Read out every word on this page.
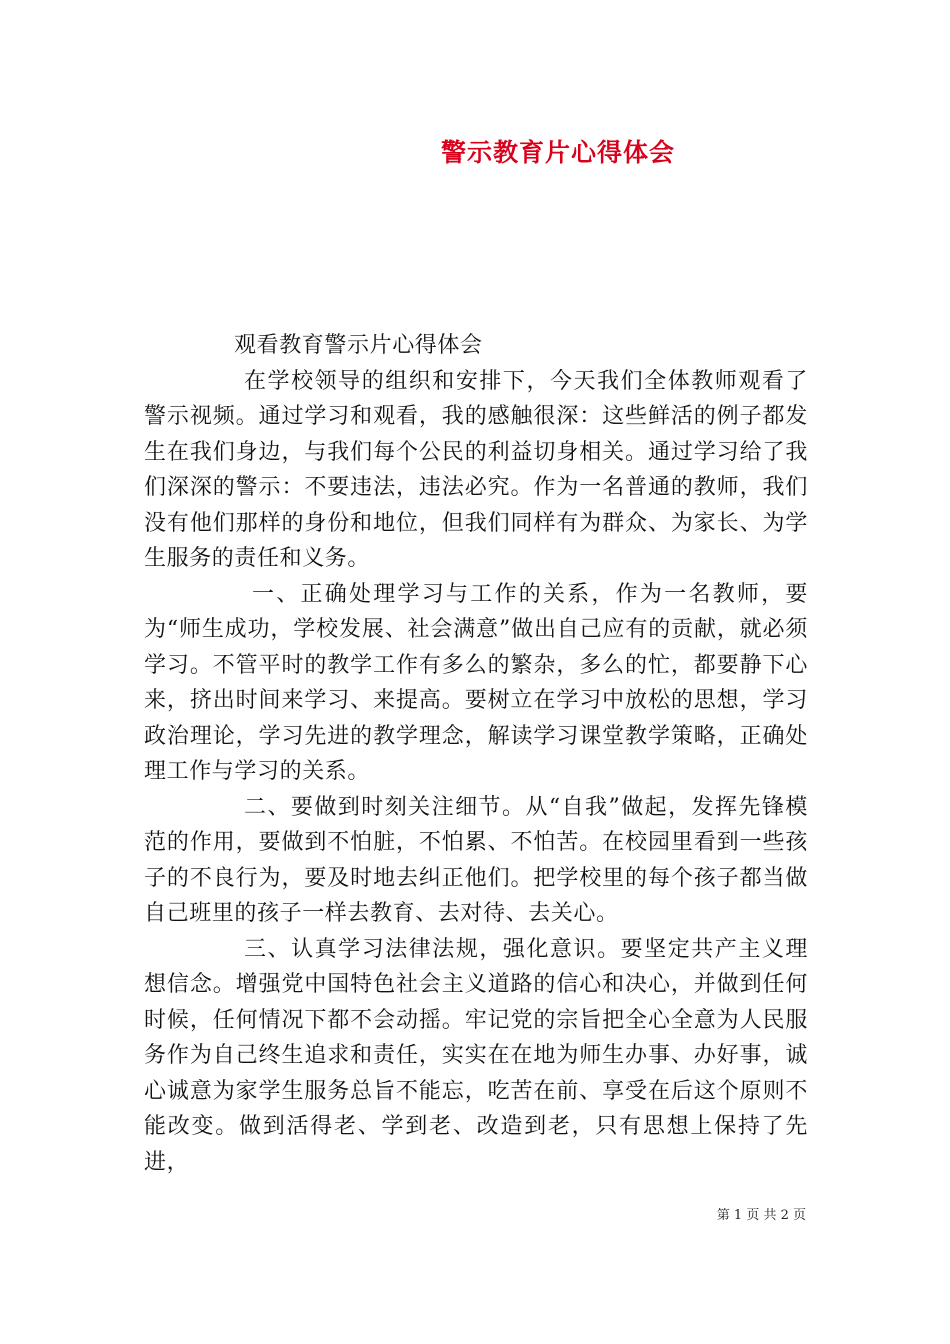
警示教育片心得体会

观看教育警示片心得体会

在学校领导的组织和安排下，今天我们全体教师观看了警示视频。通过学习和观看，我的感触很深：这些鲜活的例子都发生在我们身边，与我们每个公民的利益切身相关。通过学习给了我们深深的警示：不要违法，违法必究。作为一名普通的教师，我们没有他们那样的身份和地位，但我们同样有为群众、为家长、为学生服务的责任和义务。

一、正确处理学习与工作的关系，作为一名教师，要为“师生成功，学校发展、社会满意”做出自己应有的贡献，就必须学习。不管平时的教学工作有多么的繁杂，多么的忙，都要静下心来，挤出时间来学习、来提高。要树立在学习中放松的思想，学习政治理论，学习先进的教学理念，解读学习课堂教学策略，正确处理工作与学习的关系。

二、要做到时刻关注细节。从“自我”做起，发挥先锋模范的作用，要做到不怕脏，不怕累、不怕苦。在校园里看到一些孩子的不良行为，要及时地去纠正他们。把学校里的每个孩子都当做自己班里的孩子一样去教育、去对待、去关心。

三、认真学习法律法规，强化意识。要坚定共产主义理想信念。增强党中国特色社会主义道路的信心和决心，并做到任何时候，任何情况下都不会动摇。牢记党的宗旨把全心全意为人民服务作为自己终生追求和责任，实实在在地为师生办事、办好事，诚心诚意为家学生服务总旨不能忘，吃苦在前、享受在后这个原则不能改变。做到活得老、学到老、改造到老，只有思想上保持了先进，

第 1 页 共 2 页
